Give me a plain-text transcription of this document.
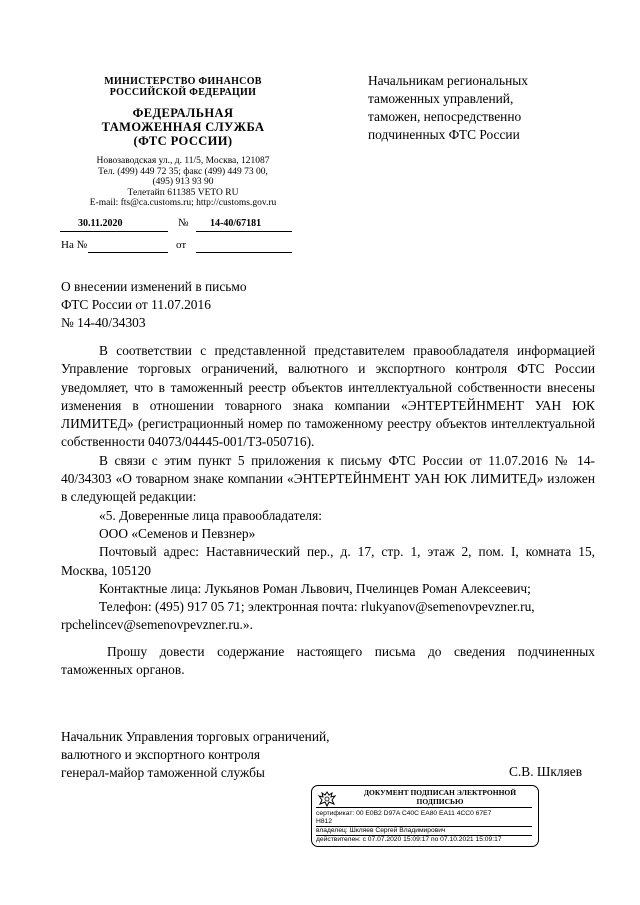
МИНИСТЕРСТВО ФИНАНСОВ
РОССИЙСКОЙ ФЕДЕРАЦИИ
ФЕДЕРАЛЬНАЯ
ТАМОЖЕННАЯ СЛУЖБА
(ФТС РОССИИ)
Новозаводская ул., д. 11/5, Москва, 121087
Тел. (499) 449 72 35; факс (499) 449 73 00,
(495) 913 93 90
Телетайп 611385 VETO RU
E-mail: fts@ca.customs.ru; http://customs.gov.ru
30.11.2020	№ 14-40/67181
На №	от
Начальникам региональных
таможенных управлений,
таможен, непосредственно
подчиненных ФТС России
О внесении изменений в письмо
ФТС России от 11.07.2016
№ 14-40/34303

В соответствии с представленной представителем правообладателя информацией Управление торговых ограничений, валютного и экспортного контроля ФТС России уведомляет, что в таможенный реестр объектов интеллектуальной собственности внесены изменения в отношении товарного знака компании «ЭНТЕРТЕЙНМЕНТ УАН ЮК ЛИМИТЕД» (регистрационный номер по таможенному реестру объектов интеллектуальной собственности 04073/04445-001/ТЗ-050716).

В связи с этим пункт 5 приложения к письму ФТС России от 11.07.2016 № 14-40/34303 «О товарном знаке компании «ЭНТЕРТЕЙНМЕНТ УАН ЮК ЛИМИТЕД» изложен в следующей редакции:

«5. Доверенные лица правообладателя:

ООО «Семенов и Певзнер»

Почтовый адрес: Наставнический пер., д. 17, стр. 1, этаж 2, пом. I, комната 15, Москва, 105120

Контактные лица: Лукьянов Роман Львович, Пчелинцев Роман Алексеевич;

Телефон: (495) 917 05 71; электронная почта: rlukyanov@semenovpevzner.ru,

rpchelincev@semenovpevzner.ru.».

Прошу довести содержание настоящего письма до сведения подчиненных таможенных органов.

Начальник Управления торговых ограничений,
валютного и экспортного контроля
генерал-майор таможенной службы	С.В. Шкляев
ДОКУМЕНТ ПОДПИСАН ЭЛЕКТРОННОЙ
ПОДПИСЬЮ
сертификат: 00 E0B2 D97A C40C EA80 EA11 4CC0 67E7
H812
владелец: Шкляев Сергей Владимирович
действителен: с 07.07.2020 15:09:17 по 07.10.2021 15:09:17
